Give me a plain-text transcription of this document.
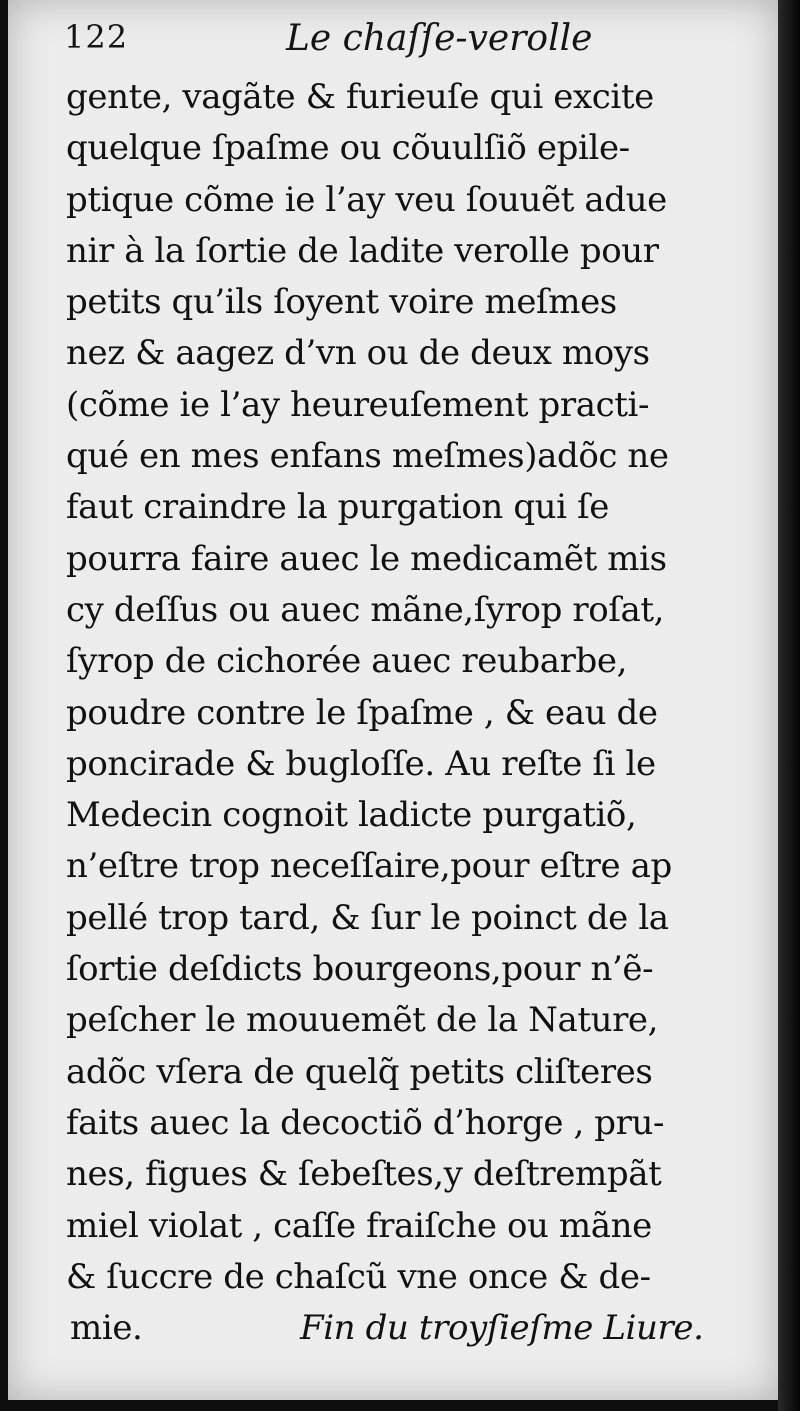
122	Le chaſſe-verolle
gente, vagãte & furieuſe qui excite
quelque ſpaſme ou cõuulſiõ epile-
ptique cõme ie l’ay veu ſouuẽt adue
nir à la ſortie de ladite verolle pour
petits qu’ils ſoyent voire meſmes
nez & aagez d’vn ou de deux moys
(cõme ie l’ay heureuſement practi-
qué en mes enfans meſmes)adõc ne
faut craindre la purgation qui ſe
pourra faire auec le medicamẽt mis
cy deſſus ou auec mãne,ſyrop roſat,
ſyrop de cichorée auec reubarbe,
poudre contre le ſpaſme , & eau de
poncirade & bugloſſe. Au reſte ſi le
Medecin cognoit ladicte purgatiõ,
n’eſtre trop neceſſaire,pour eſtre ap
pellé trop tard, & ſur le poinct de la
ſortie deſdicts bourgeons,pour n’ẽ-
peſcher le mouuemẽt de la Nature,
adõc vſera de quelq̃ petits cliſteres
faits auec la decoctiõ d’horge , pru-
nes, figues & ſebeſtes,y deſtrempãt
miel violat , caſſe fraiſche ou mãne
& ſuccre de chaſcũ vne once & de-
mie.	Fin du troyſieſme Liure.
